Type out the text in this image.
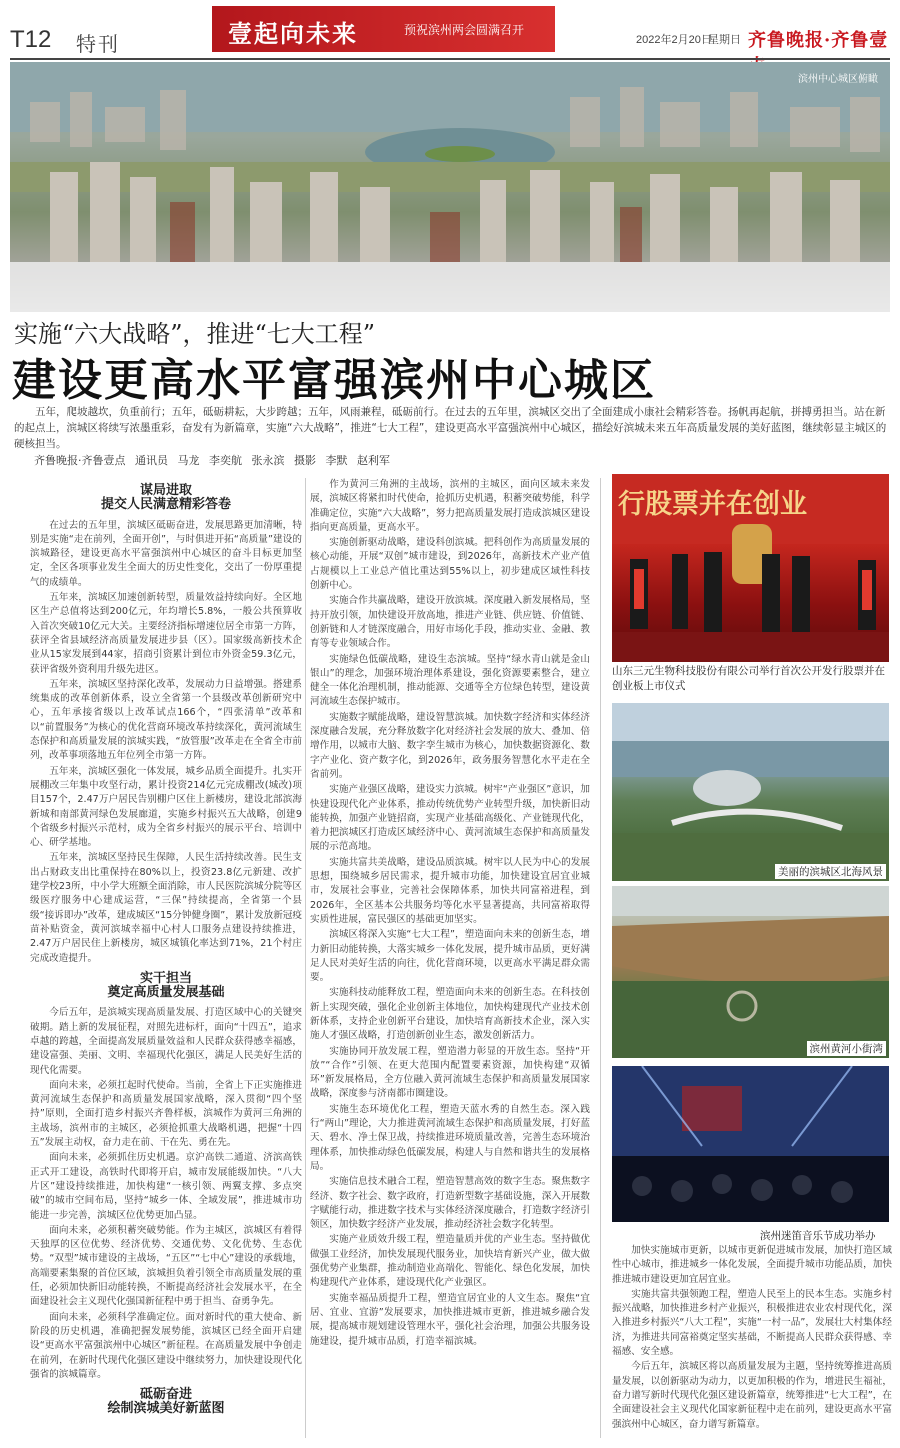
T12 特刊	壹起向未来	预祝滨州两会圆满召开
2022年2月20日
星期日 齐鲁晚报·齐鲁壹
滨州中心城区俯瞰
实施“六大战略”，推进“七大工程”
建设更高水平富强滨州中心城区
五年，爬坡越坎，负重前行；五年，砥砺耕耘，大步跨越；五年，风雨兼程，砥砺前行。在过去的五年里，滨城区交出了全面建成小康社会精彩答卷。扬帆再起航，拼搏勇担当。站在新的起点上，滨城区将续写浓墨重彩，奋发有为新篇章，实施“六大战略”，推进“七大工程”，建设更高水平富强滨州中心城区，描绘好滨城未来五年高质量发展的美好蓝图，继续彰显主城区的硬核担当。
齐鲁晚报·齐鲁壹点 通讯员 马龙 李奕航 张永滨 摄影 李默 赵利军
谋局进取
提交人民满意精彩答卷

在过去的五年里，滨城区砥砺奋进，发展思路更加清晰，特别是实施“走在前列，全面开创”，与时俱进开拓“高质量”建设的滨城路径，建设更高水平富强滨州中心城区的奋斗目标更加坚定，全区各项事业发生全面大的历史性变化，交出了一份厚重提气的成绩单。

五年来，滨城区加速创新转型，质量效益持续向好。全区地区生产总值将达到200亿元，年均增长5.8%，一般公共预算收入首次突破10亿元大关。主要经济指标增速位居全市第一方阵，获评全省县域经济高质量发展进步县（区）。国家级高新技术企业从15家发展到44家，招商引资累计到位市外资金59.3亿元，获评省级外资利用升级先进区。

五年来，滨城区坚持深化改革，发展动力日益增强。搭建系统集成的改革创新体系，设立全省第一个县级改革创新研究中心，五年承接省级以上改革试点166个，“四张清单”改革和以“前置服务”为核心的优化营商环境改革持续深化，黄河流域生态保护和高质量发展的滨城实践，“放管服”改革走在全省全市前列，改革事项落地五年位列全市第一方阵。

五年来，滨城区强化一体发展，城乡品质全面提升。扎实开展棚改三年集中攻坚行动，累计投资214亿元完成棚改(城改)项目157个，2.47万户居民告别棚户区住上新楼房，建设北部滨海新城和南部黄河绿色发展廊道，实施乡村振兴五大战略，创建9个省级乡村振兴示范村，成为全省乡村振兴的展示平台、培训中心、研学基地。

五年来，滨城区坚持民生保障，人民生活持续改善。民生支出占财政支出比重保持在80%以上，投资23.8亿元新建、改扩建学校23所，中小学大班额全面消除，市人民医院滨城分院等区级医疗服务中心建成运营，“三保”持续提高，全省第一个县级“接诉即办”改革，建成城区“15分钟健身圈”，累计发放新冠疫苗补贴资金，黄河滨城幸福中心村人口服务点建设持续推进，2.47万户居民住上新楼房，城区城镇化率达到71%，21个村庄完成改造提升。

实干担当
奠定高质量发展基础

今后五年，是滨城实现高质量发展、打造区域中心的关键突破期。踏上新的发展征程，对照先进标杆，面向“十四五”，追求卓越的跨越，全面提高发展质量效益和人民群众获得感幸福感，建设富强、美丽、文明、幸福现代化强区，满足人民美好生活的现代化需要。

面向未来，必须扛起时代使命。当前，全省上下正实施推进黄河流域生态保护和高质量发展国家战略，深入贯彻“四个坚持”原则，全面打造乡村振兴齐鲁样板，滨城作为黄河三角洲的主战场，滨州市的主城区，必须抢抓重大战略机遇，把握“十四五”发展主动权，奋力走在前、干在先、勇在先。

面向未来，必须抓住历史机遇。京沪高铁二通道、济滨高铁正式开工建设，高铁时代即将开启，城市发展能级加快。“八大片区”建设持续推进，加快构建“一核引领、两翼支撑、多点突破”的城市空间布局，坚持“城乡一体、全域发展”，推进城市功能进一步完善，滨城区位优势更加凸显。

面向未来，必须积蓄突破势能。作为主城区，滨城区有着得天独厚的区位优势、经济优势、交通优势、文化优势、生态优势。“双型”城市建设的主战场，“五区”“七中心”建设的承载地，高端要素集聚的首位区域，滨城担负着引领全市高质量发展的重任，必须加快新旧动能转换，不断提高经济社会发展水平，在全面建设社会主义现代化强国新征程中勇于担当、奋勇争先。

面向未来，必须科学准确定位。面对新时代的重大使命、新阶段的历史机遇，准确把握发展势能，滨城区已经全面开启建设“更高水平富强滨州中心城区”新征程。在高质量发展中争创走在前列，在新时代现代化强区建设中继续努力，加快建设现代化强省的滨城篇章。

砥砺奋进
绘制滨城美好新蓝图

作为黄河三角洲的主战场，滨州的主城区，面向区域未来发展，滨城区将紧扣时代使命，抢抓历史机遇，积蓄突破势能，科学准确定位，实施“六大战略”，努力把高质量发展打造成滨城区建设指向更高质量，更高水平。

实施创新驱动战略，建设科创滨城。把科创作为高质量发展的核心动能，开展“双创”城市建设，到2026年，高新技术产业产值占规模以上工业总产值比重达到55%以上，初步建成区域性科技创新中心。

实施合作共赢战略，建设开放滨城。深度融入新发展格局，坚持开放引领，加快建设开放高地，推进产业链、供应链、价值链、创新链和人才链深度融合，用好市场化手段，推动实业、金融、教育等专业领域合作。

实施绿色低碳战略，建设生态滨城。坚持“绿水青山就是金山银山”的理念，加强环境治理体系建设，强化资源要素整合，建立健全一体化治理机制，推动能源、交通等全方位绿色转型，建设黄河流域生态保护城市。

实施数字赋能战略，建设智慧滨城。加快数字经济和实体经济深度融合发展，充分释放数字化对经济社会发展的放大、叠加、倍增作用，以城市大脑、数字孪生城市为核心，加快数据资源化、数字产业化、资产数字化，到2026年，政务服务智慧化水平走在全省前列。

实施产业强区战略，建设实力滨城。树牢“产业强区”意识，加快建设现代化产业体系，推动传统优势产业转型升级，加快新旧动能转换，加强产业链招商，实现产业基础高级化、产业链现代化，着力把滨城区打造成区域经济中心、黄河流域生态保护和高质量发展的示范高地。

实施共富共美战略，建设品质滨城。树牢以人民为中心的发展思想，围绕城乡居民需求，提升城市功能，加快建设宜居宜业城市，发展社会事业，完善社会保障体系，加快共同富裕进程，到2026年，全区基本公共服务均等化水平显著提高，共同富裕取得实质性进展，富民强区的基础更加坚实。

滨城区将深入实施“七大工程”，塑造面向未来的创新生态，增力新旧动能转换，大落实城乡一体化发展，提升城市品质，更好满足人民对美好生活的向往，优化营商环境，以更高水平满足群众需要。

实施科技动能释放工程，塑造面向未来的创新生态。在科技创新上实现突破，强化企业创新主体地位，加快构建现代产业技术创新体系，支持企业创新平台建设，加快培育高新技术企业，深入实施人才强区战略，打造创新创业生态，激发创新活力。

实施协同开放发展工程，塑造潜力彰显的开放生态。坚持“开放”“合作”引领、在更大范围内配置要素资源，加快构建“双循环”新发展格局，全方位融入黄河流域生态保护和高质量发展国家战略，深度参与济南都市圈建设。

实施生态环境优化工程，塑造天蓝水秀的自然生态。深入践行“两山”理论，大力推进黄河流域生态保护和高质量发展，打好蓝天、碧水、净土保卫战，持续推进环境质量改善，完善生态环境治理体系，加快推动绿色低碳发展，构建人与自然和谐共生的发展格局。

实施信息技术融合工程，塑造智慧高效的数字生态。聚焦数字经济、数字社会、数字政府，打造新型数字基础设施，深入开展数字赋能行动，推进数字技术与实体经济深度融合，打造数字经济引领区，加快数字经济产业发展，推动经济社会数字化转型。

实施产业质效升级工程，塑造量质并优的产业生态。坚持做优做强工业经济，加快发展现代服务业，加快培育新兴产业，做大做强优势产业集群，推动制造业高端化、智能化、绿色化发展，加快构建现代产业体系，建设现代化产业强区。

实施幸福品质提升工程，塑造宜居宜业的人文生态。聚焦“宜居、宜业、宜游”发展要求，加快推进城市更新，推进城乡融合发展，提高城市规划建设管理水平，强化社会治理，加强公共服务设施建设，提升城市品质，打造幸福滨城。

行股票并在创业
山东三元生物科技股份有限公司举行首次公开发行股票并在创业板上市仪式
美丽的滨城区北海风景
滨州黄河小街湾
滨州迷笛音乐节成功举办

加快实施城市更新，以城市更新促进城市发展，加快打造区域性中心城市，推进城乡一体化发展，全面提升城市功能品质，加快推进城市建设更加宜居宜业。

实施共富共强领跑工程，塑造人民至上的民本生态。实施乡村振兴战略，加快推进乡村产业振兴，积极推进农业农村现代化，深入推进乡村振兴“八大工程”，实施“一村一品”，发展壮大村集体经济，为推进共同富裕奠定坚实基础，不断提高人民群众获得感、幸福感、安全感。

今后五年，滨城区将以高质量发展为主题，坚持统筹推进高质量发展，以创新驱动为动力，以更加积极的作为，增进民生福祉，奋力谱写新时代现代化强区建设新篇章，统筹推进“七大工程”，在全面建设社会主义现代化国家新征程中走在前列，建设更高水平富强滨州中心城区，奋力谱写新篇章。
